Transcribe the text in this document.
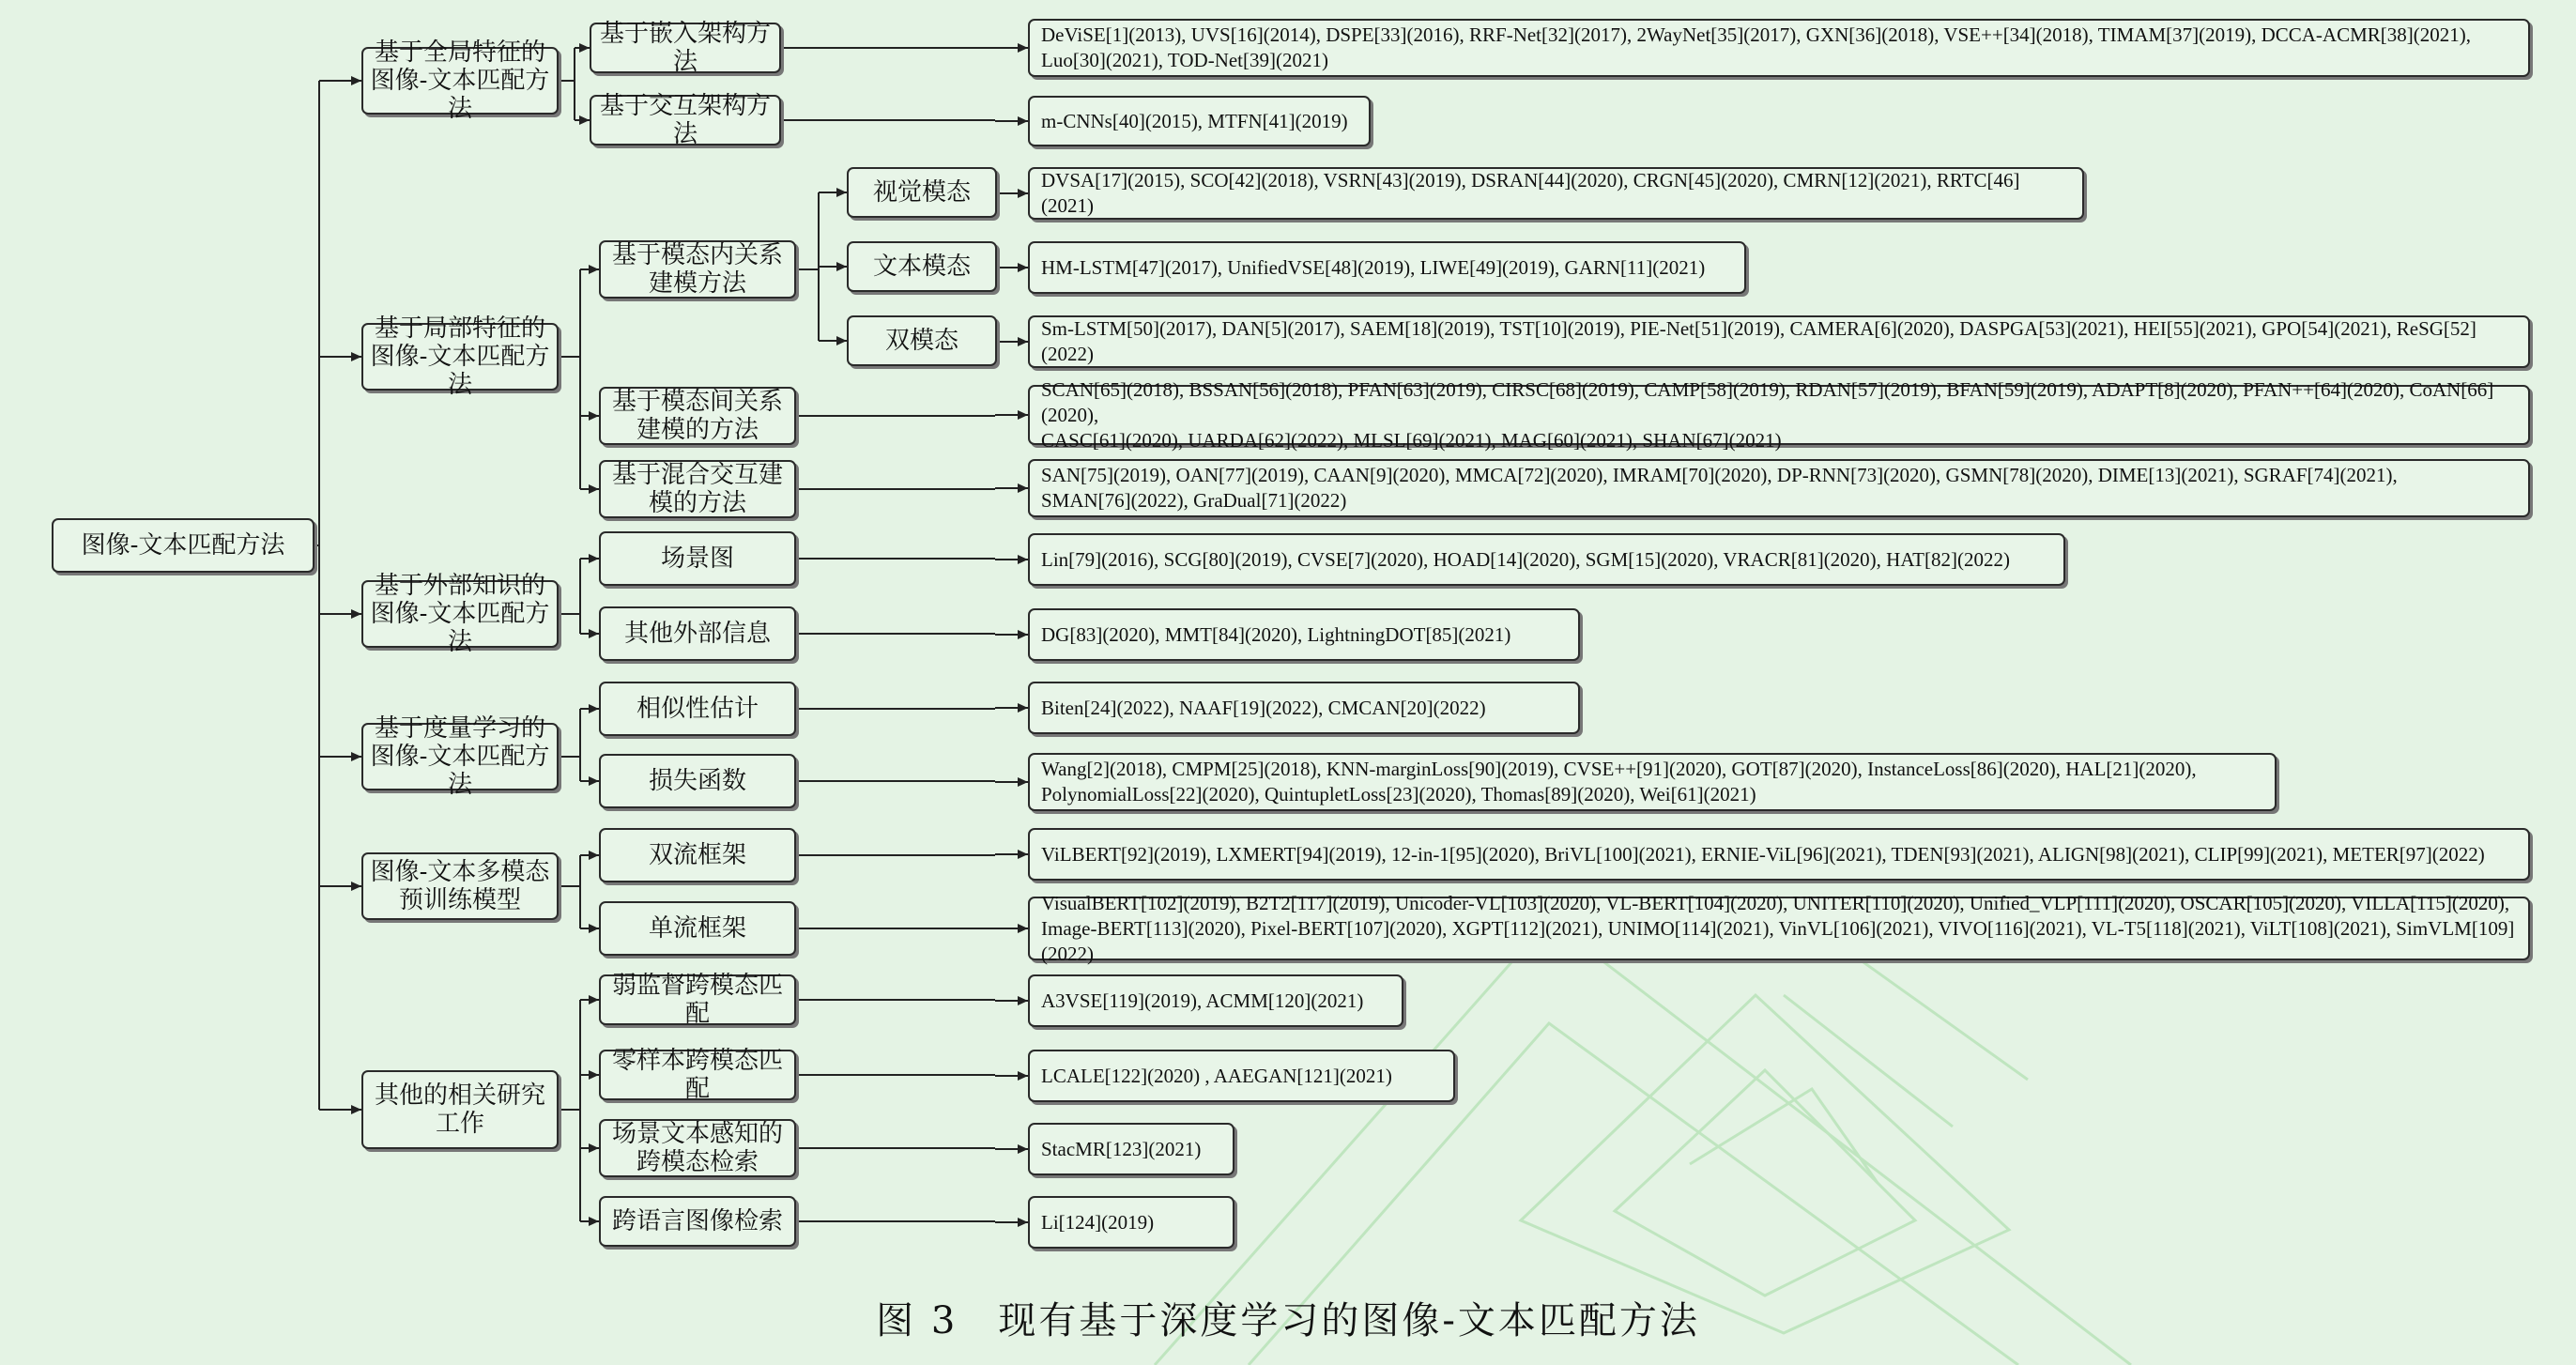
图像-文本匹配方法
基于全局特征的图像-文本匹配方法
基于局部特征的图像-文本匹配方法
基于外部知识的图像-文本匹配方法
基于度量学习的图像-文本匹配方法
图像-文本多模态预训练模型
其他的相关研究工作
基于嵌入架构方法
基于交互架构方法
基于模态内关系建模方法
基于模态间关系建模的方法
基于混合交互建模的方法
场景图
其他外部信息
相似性估计
损失函数
双流框架
单流框架
弱监督跨模态匹配
零样本跨模态匹配
场景文本感知的跨模态检索
跨语言图像检索
视觉模态
文本模态
双模态
DeViSE[1](2013), UVS[16](2014), DSPE[33](2016), RRF-Net[32](2017), 2WayNet[35](2017), GXN[36](2018), VSE++[34](2018), TIMAM[37](2019), DCCA-ACMR[38](2021),
Luo[30](2021), TOD-Net[39](2021)
m-CNNs[40](2015), MTFN[41](2019)
DVSA[17](2015), SCO[42](2018), VSRN[43](2019), DSRAN[44](2020), CRGN[45](2020), CMRN[12](2021), RRTC[46](2021)
HM-LSTM[47](2017), UnifiedVSE[48](2019), LIWE[49](2019), GARN[11](2021)
Sm-LSTM[50](2017), DAN[5](2017), SAEM[18](2019), TST[10](2019), PIE-Net[51](2019), CAMERA[6](2020), DASPGA[53](2021), HEI[55](2021), GPO[54](2021), ReSG[52](2022)
SCAN[65](2018), BSSAN[56](2018), PFAN[63](2019), CIRSC[68](2019), CAMP[58](2019), RDAN[57](2019), BFAN[59](2019), ADAPT[8](2020), PFAN++[64](2020), CoAN[66](2020),
CASC[61](2020), UARDA[62](2022), MLSL[69](2021), MAG[60](2021), SHAN[67](2021)
SAN[75](2019), OAN[77](2019), CAAN[9](2020), MMCA[72](2020), IMRAM[70](2020), DP-RNN[73](2020), GSMN[78](2020), DIME[13](2021), SGRAF[74](2021),
SMAN[76](2022), GraDual[71](2022)
Lin[79](2016), SCG[80](2019), CVSE[7](2020), HOAD[14](2020), SGM[15](2020), VRACR[81](2020), HAT[82](2022)
DG[83](2020), MMT[84](2020), LightningDOT[85](2021)
Biten[24](2022), NAAF[19](2022), CMCAN[20](2022)
Wang[2](2018), CMPM[25](2018), KNN-marginLoss[90](2019), CVSE++[91](2020), GOT[87](2020), InstanceLoss[86](2020), HAL[21](2020),
PolynomialLoss[22](2020), QuintupletLoss[23](2020), Thomas[89](2020), Wei[61](2021)
ViLBERT[92](2019), LXMERT[94](2019), 12-in-1[95](2020), BriVL[100](2021), ERNIE-ViL[96](2021), TDEN[93](2021), ALIGN[98](2021), CLIP[99](2021), METER[97](2022)
VisualBERT[102](2019), B2T2[117](2019), Unicoder-VL[103](2020), VL-BERT[104](2020), UNITER[110](2020), Unified_VLP[111](2020), OSCAR[105](2020), VILLA[115](2020),
Image-BERT[113](2020), Pixel-BERT[107](2020), XGPT[112](2021), UNIMO[114](2021), VinVL[106](2021), VIVO[116](2021), VL-T5[118](2021), ViLT[108](2021), SimVLM[109](2022)
A3VSE[119](2019), ACMM[120](2021)
LCALE[122](2020) , AAEGAN[121](2021)
StacMR[123](2021)
Li[124](2019)
图 3　现有基于深度学习的图像-文本匹配方法
